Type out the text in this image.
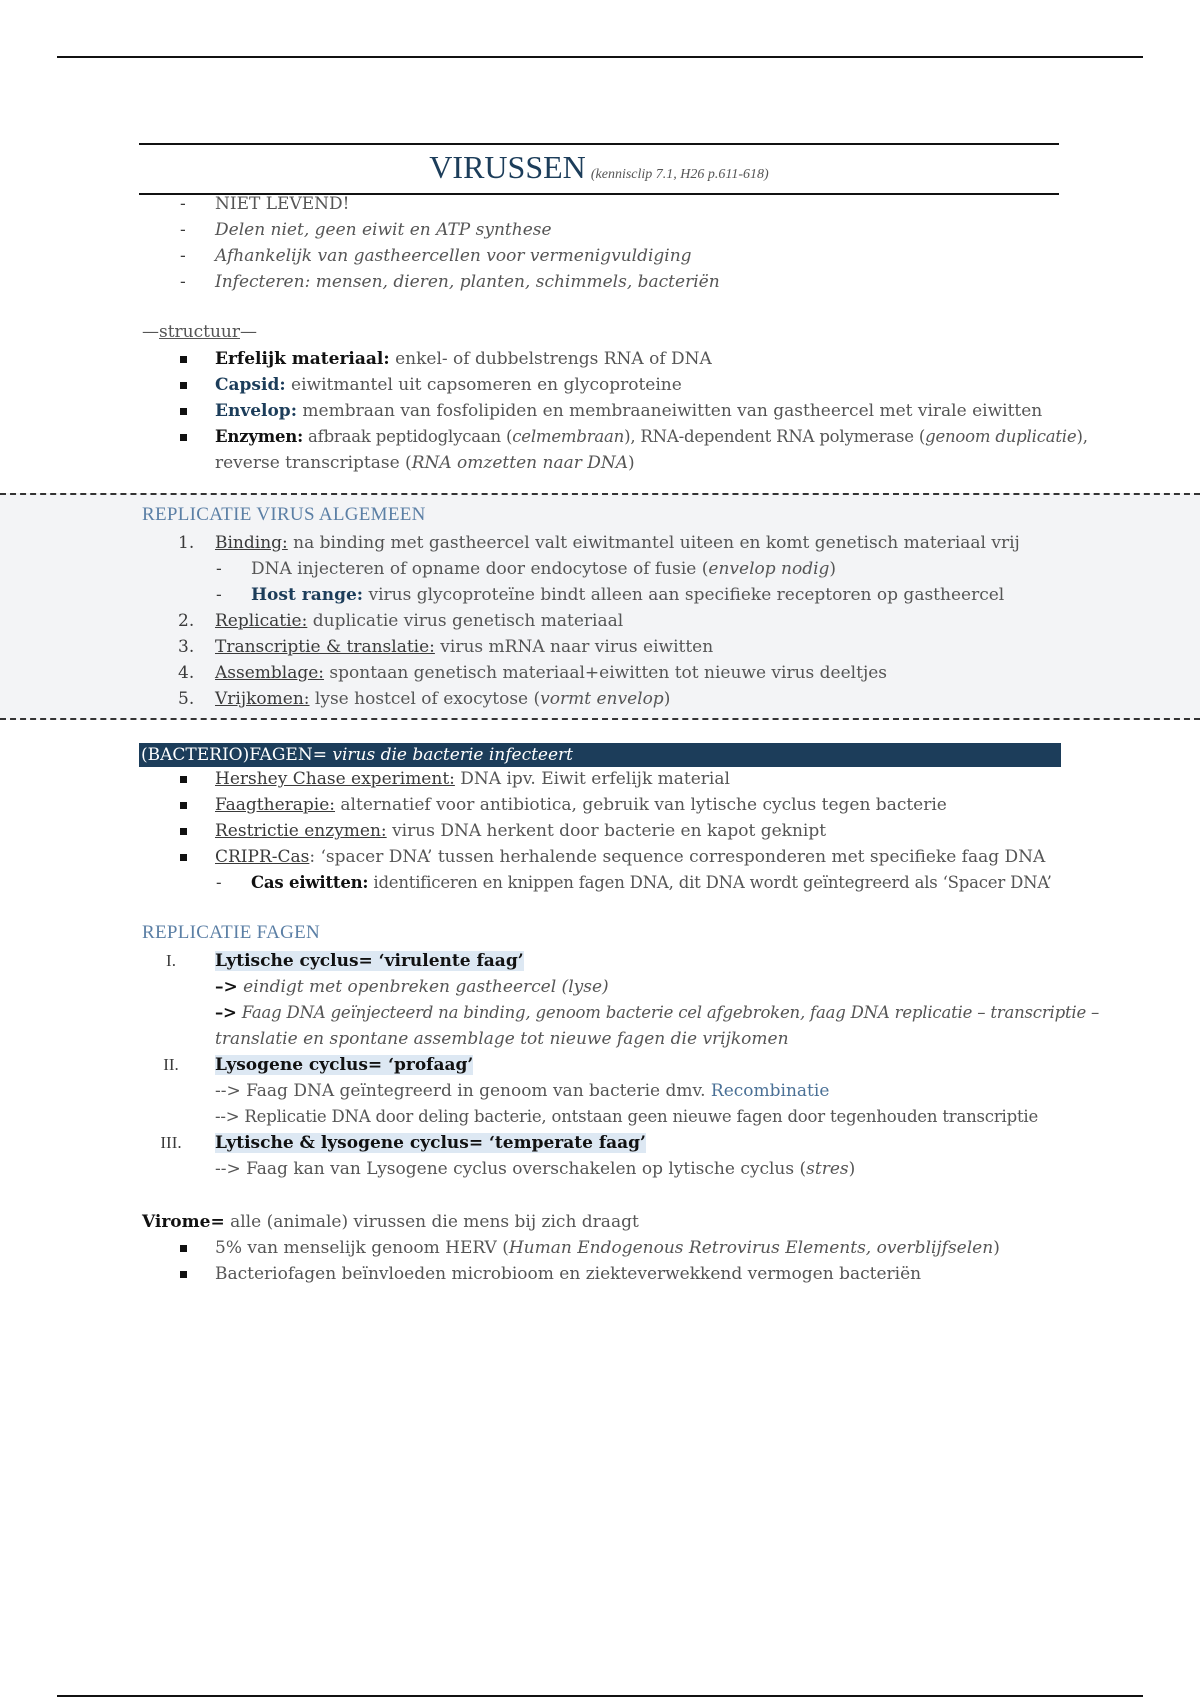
VIRUSSEN (kennisclip 7.1, H26 p.611-618)
- NIET LEVEND!
- Delen niet, geen eiwit en ATP synthese
- Afhankelijk van gastheercellen voor vermenigvuldiging
- Infecteren: mensen, dieren, planten, schimmels, bacteriën
—structuur—
Erfelijk materiaal: enkel- of dubbelstrengs RNA of DNA
Capsid: eiwitmantel uit capsomeren en glycoproteine
Envelop: membraan van fosfolipiden en membraaneiwitten van gastheercel met virale eiwitten
Enzymen: afbraak peptidoglycaan (celmembraan), RNA-dependent RNA polymerase (genoom duplicatie),
reverse transcriptase (RNA omzetten naar DNA)
REPLICATIE VIRUS ALGEMEEN
1. Binding: na binding met gastheercel valt eiwitmantel uiteen en komt genetisch materiaal vrij
- DNA injecteren of opname door endocytose of fusie (envelop nodig)
- Host range: virus glycoproteïne bindt alleen aan specifieke receptoren op gastheercel
2. Replicatie: duplicatie virus genetisch materiaal
3. Transcriptie & translatie: virus mRNA naar virus eiwitten
4. Assemblage: spontaan genetisch materiaal+eiwitten tot nieuwe virus deeltjes
5. Vrijkomen: lyse hostcel of exocytose (vormt envelop)
(BACTERIO)FAGEN= virus die bacterie infecteert
Hershey Chase experiment: DNA ipv. Eiwit erfelijk material
Faagtherapie: alternatief voor antibiotica, gebruik van lytische cyclus tegen bacterie
Restrictie enzymen: virus DNA herkent door bacterie en kapot geknipt
CRIPR-Cas: ‘spacer DNA’ tussen herhalende sequence corresponderen met specifieke faag DNA
- Cas eiwitten: identificeren en knippen fagen DNA, dit DNA wordt geïntegreerd als ‘Spacer DNA’
REPLICATIE FAGEN
I.	Lytische cyclus= ‘virulente faag’
–> eindigt met openbreken gastheercel (lyse)
–> Faag DNA geïnjecteerd na binding, genoom bacterie cel afgebroken, faag DNA replicatie – transcriptie –
translatie en spontane assemblage tot nieuwe fagen die vrijkomen
II.	Lysogene cyclus= ‘profaag’
--> Faag DNA geïntegreerd in genoom van bacterie dmv. Recombinatie
--> Replicatie DNA door deling bacterie, ontstaan geen nieuwe fagen door tegenhouden transcriptie
III. Lytische & lysogene cyclus= ‘temperate faag’
--> Faag kan van Lysogene cyclus overschakelen op lytische cyclus (stres)
Virome= alle (animale) virussen die mens bij zich draagt
5% van menselijk genoom HERV (Human Endogenous Retrovirus Elements, overblijfselen)
Bacteriofagen beïnvloeden microbioom en ziekteverwekkend vermogen bacteriën
